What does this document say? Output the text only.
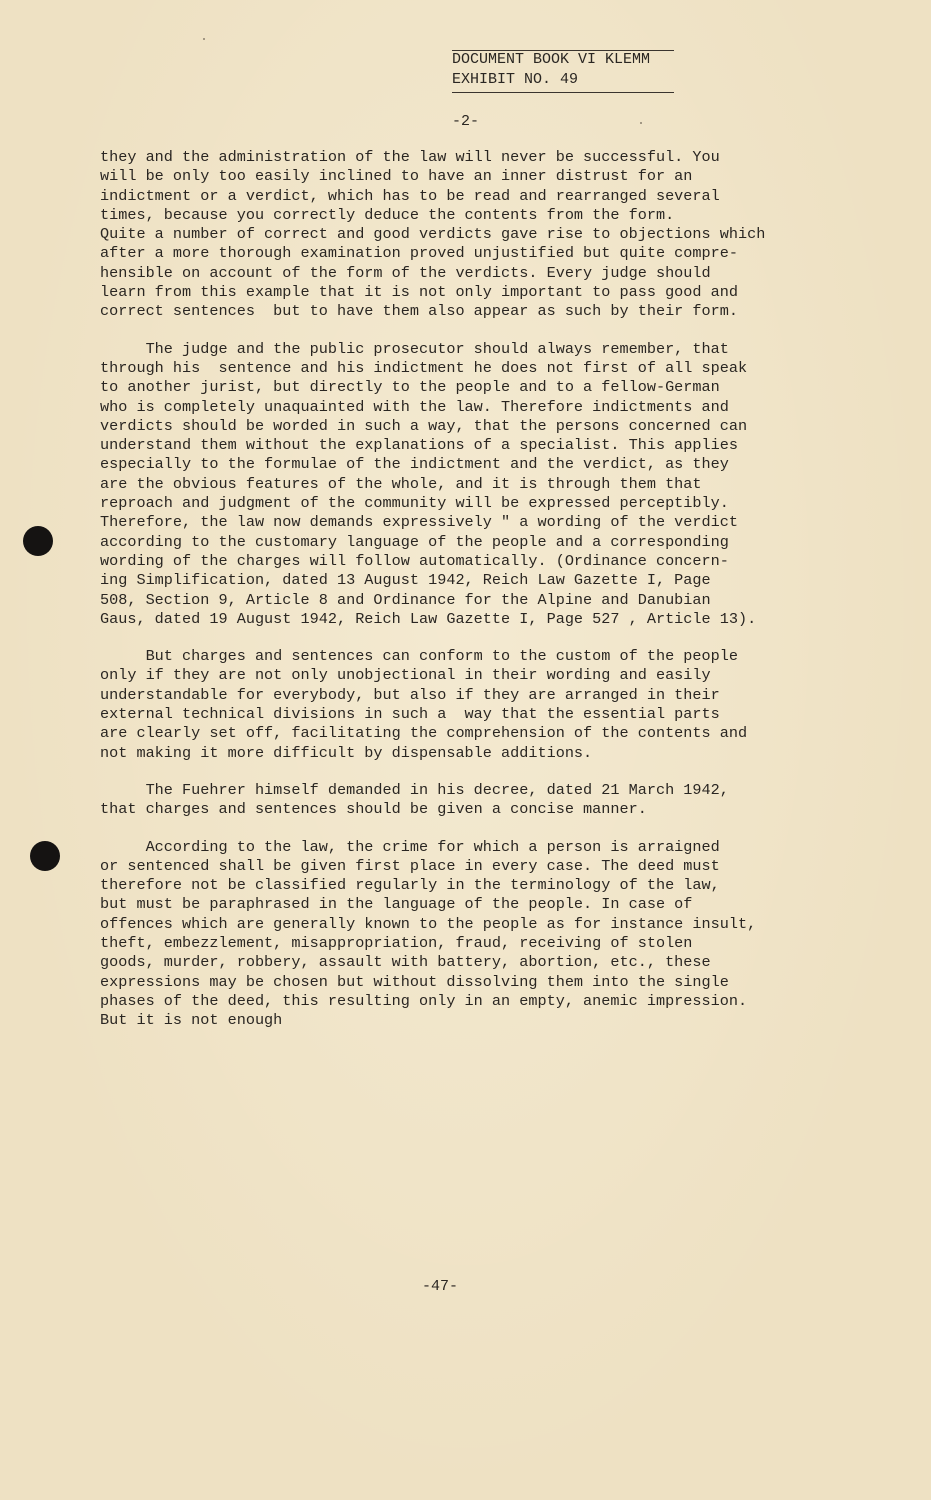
DOCUMENT BOOK VI KLEMM
EXHIBIT NO. 49
-2-
they and the administration of the law will never be successful. You
will be only too easily inclined to have an inner distrust for an
indictment or a verdict, which has to be read and rearranged several
times, because you correctly deduce the contents from the form.
Quite a number of correct and good verdicts gave rise to objections which
after a more thorough examination proved unjustified but quite compre-
hensible on account of the form of the verdicts. Every judge should
learn from this example that it is not only important to pass good and
correct sentences  but to have them also appear as such by their form.
The judge and the public prosecutor should always remember, that
through his  sentence and his indictment he does not first of all speak
to another jurist, but directly to the people and to a fellow-German
who is completely unaquainted with the law. Therefore indictments and
verdicts should be worded in such a way, that the persons concerned can
understand them without the explanations of a specialist. This applies
especially to the formulae of the indictment and the verdict, as they
are the obvious features of the whole, and it is through them that
reproach and judgment of the community will be expressed perceptibly.
Therefore, the law now demands expressively " a wording of the verdict
according to the customary language of the people and a corresponding
wording of the charges will follow automatically. (Ordinance concern-
ing Simplification, dated 13 August 1942, Reich Law Gazette I, Page
508, Section 9, Article 8 and Ordinance for the Alpine and Danubian
Gaus, dated 19 August 1942, Reich Law Gazette I, Page 527 , Article 13).
But charges and sentences can conform to the custom of the people
only if they are not only unobjectional in their wording and easily
understandable for everybody, but also if they are arranged in their
external technical divisions in such a  way that the essential parts
are clearly set off, facilitating the comprehension of the contents and
not making it more difficult by dispensable additions.
The Fuehrer himself demanded in his decree, dated 21 March 1942,
that charges and sentences should be given a concise manner.
According to the law, the crime for which a person is arraigned
or sentenced shall be given first place in every case. The deed must
therefore not be classified regularly in the terminology of the law,
but must be paraphrased in the language of the people. In case of
offences which are generally known to the people as for instance insult,
theft, embezzlement, misappropriation, fraud, receiving of stolen
goods, murder, robbery, assault with battery, abortion, etc., these
expressions may be chosen but without dissolving them into the single
phases of the deed, this resulting only in an empty, anemic impression.
But it is not enough
-47-
